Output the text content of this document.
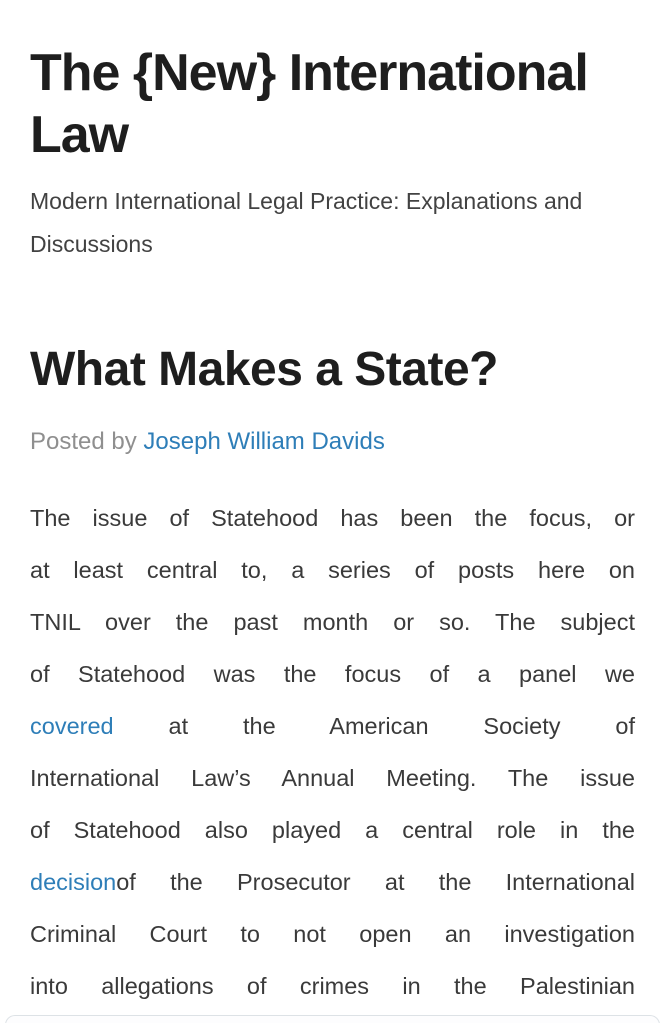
The {New} International Law

Modern International Legal Practice: Explanations and Discussions

What Makes a State?

Posted by Joseph William Davids

The issue of Statehood has been the focus, or
at least central to, a series of posts here on
TNIL over the past month or so. The subject
of Statehood was the focus of a panel we
covered at the American Society of
International Law’s Annual Meeting. The issue
of Statehood also played a central role in the
decisionof the Prosecutor at the International
Criminal Court to not open an investigation
into allegations of crimes in the Palestinian
